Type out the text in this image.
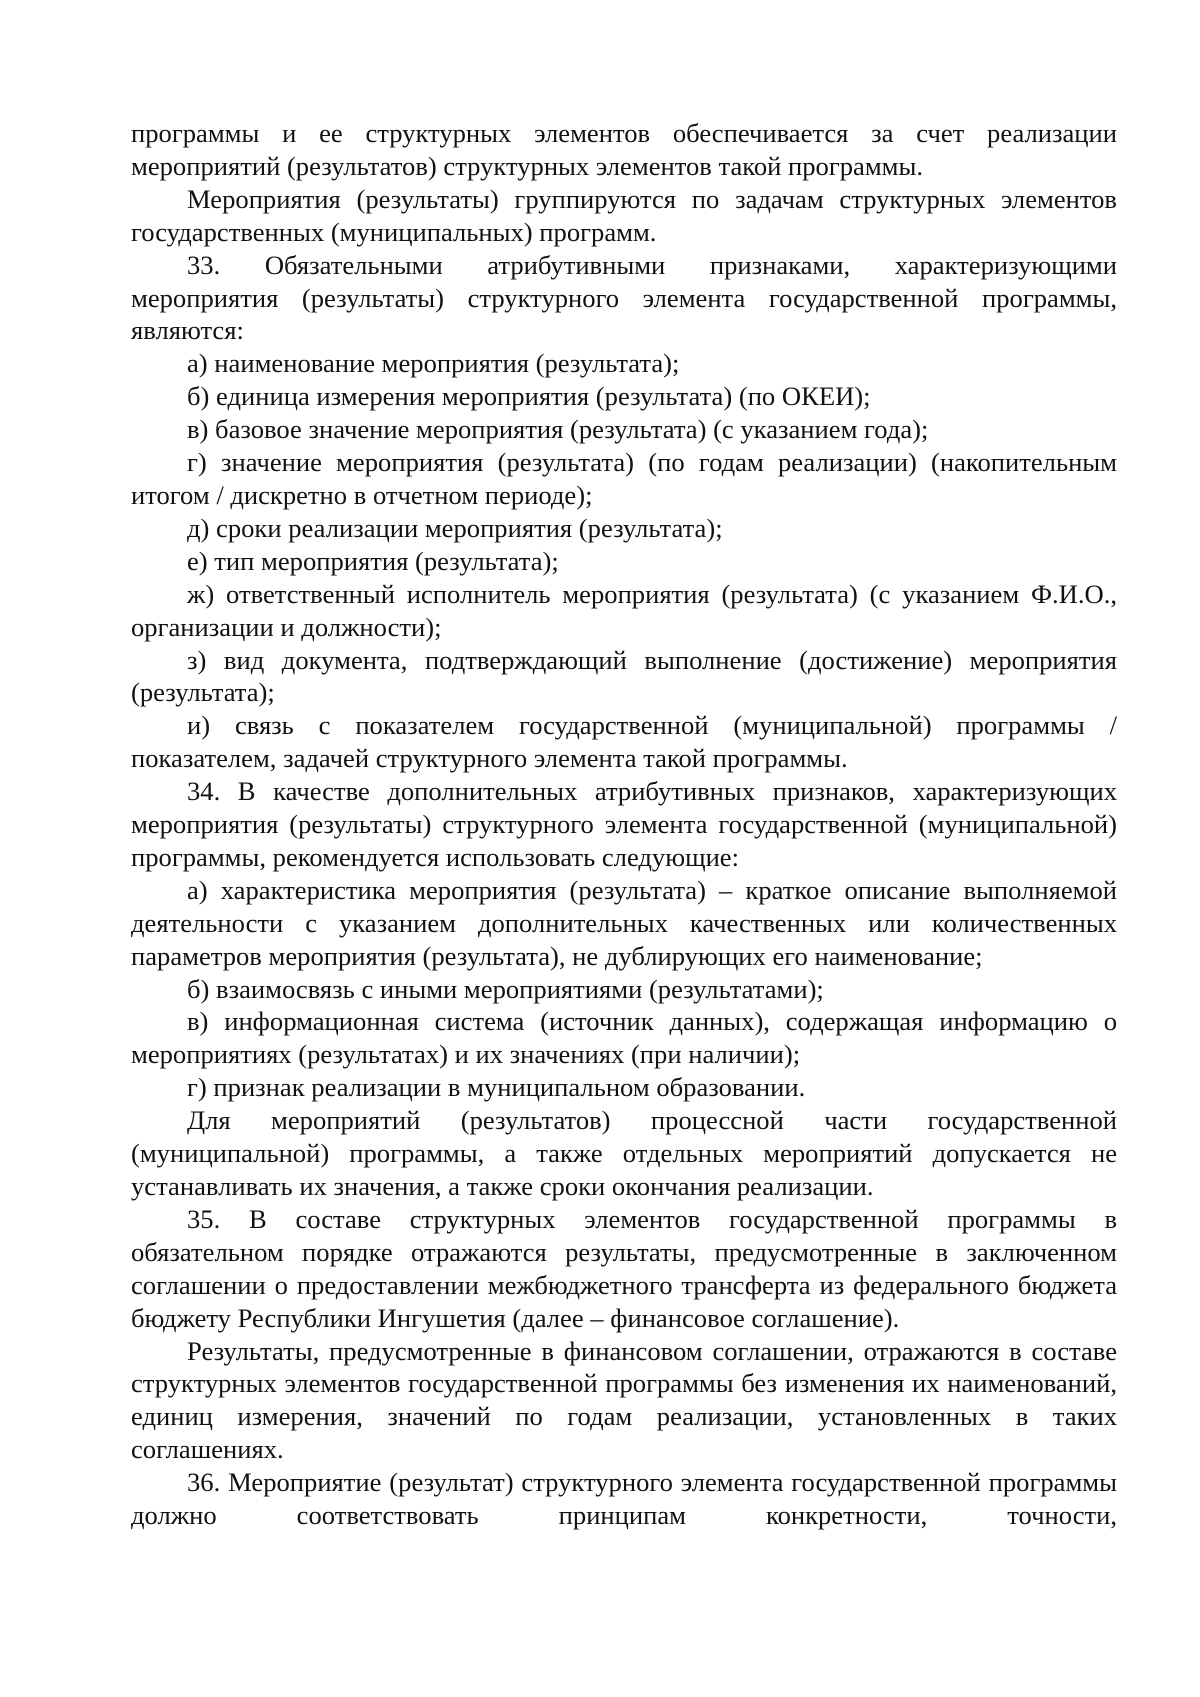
программы и ее структурных элементов обеспечивается за счет реализации мероприятий (результатов) структурных элементов такой программы.

Мероприятия (результаты) группируются по задачам структурных элементов государственных (муниципальных) программ.

33. Обязательными атрибутивными признаками, характеризующими мероприятия (результаты) структурного элемента государственной программы, являются:

а) наименование мероприятия (результата);

б) единица измерения мероприятия (результата) (по ОКЕИ);

в) базовое значение мероприятия (результата) (с указанием года);

г) значение мероприятия (результата) (по годам реализации) (накопительным итогом / дискретно в отчетном периоде);

д) сроки реализации мероприятия (результата);

е) тип мероприятия (результата);

ж) ответственный исполнитель мероприятия (результата) (с указанием Ф.И.О., организации и должности);

з) вид документа, подтверждающий выполнение (достижение) мероприятия (результата);

и) связь с показателем государственной (муниципальной) программы / показателем, задачей структурного элемента такой программы.

34. В качестве дополнительных атрибутивных признаков, характеризующих мероприятия (результаты) структурного элемента государственной (муниципальной) программы, рекомендуется использовать следующие:

а) характеристика мероприятия (результата) – краткое описание выполняемой деятельности с указанием дополнительных качественных или количественных параметров мероприятия (результата), не дублирующих его наименование;

б) взаимосвязь с иными мероприятиями (результатами);

в) информационная система (источник данных), содержащая информацию о мероприятиях (результатах) и их значениях (при наличии);

г) признак реализации в муниципальном образовании.

Для мероприятий (результатов) процессной части государственной (муниципальной) программы, а также отдельных мероприятий допускается не устанавливать их значения, а также сроки окончания реализации.

35. В составе структурных элементов государственной программы в обязательном порядке отражаются результаты, предусмотренные в заключенном соглашении о предоставлении межбюджетного трансферта из федерального бюджета бюджету Республики Ингушетия (далее – финансовое соглашение).

Результаты, предусмотренные в финансовом соглашении, отражаются в составе структурных элементов государственной программы без изменения их наименований, единиц измерения, значений по годам реализации, установленных в таких соглашениях.

36. Мероприятие (результат) структурного элемента государственной программы должно соответствовать принципам конкретности, точности,
